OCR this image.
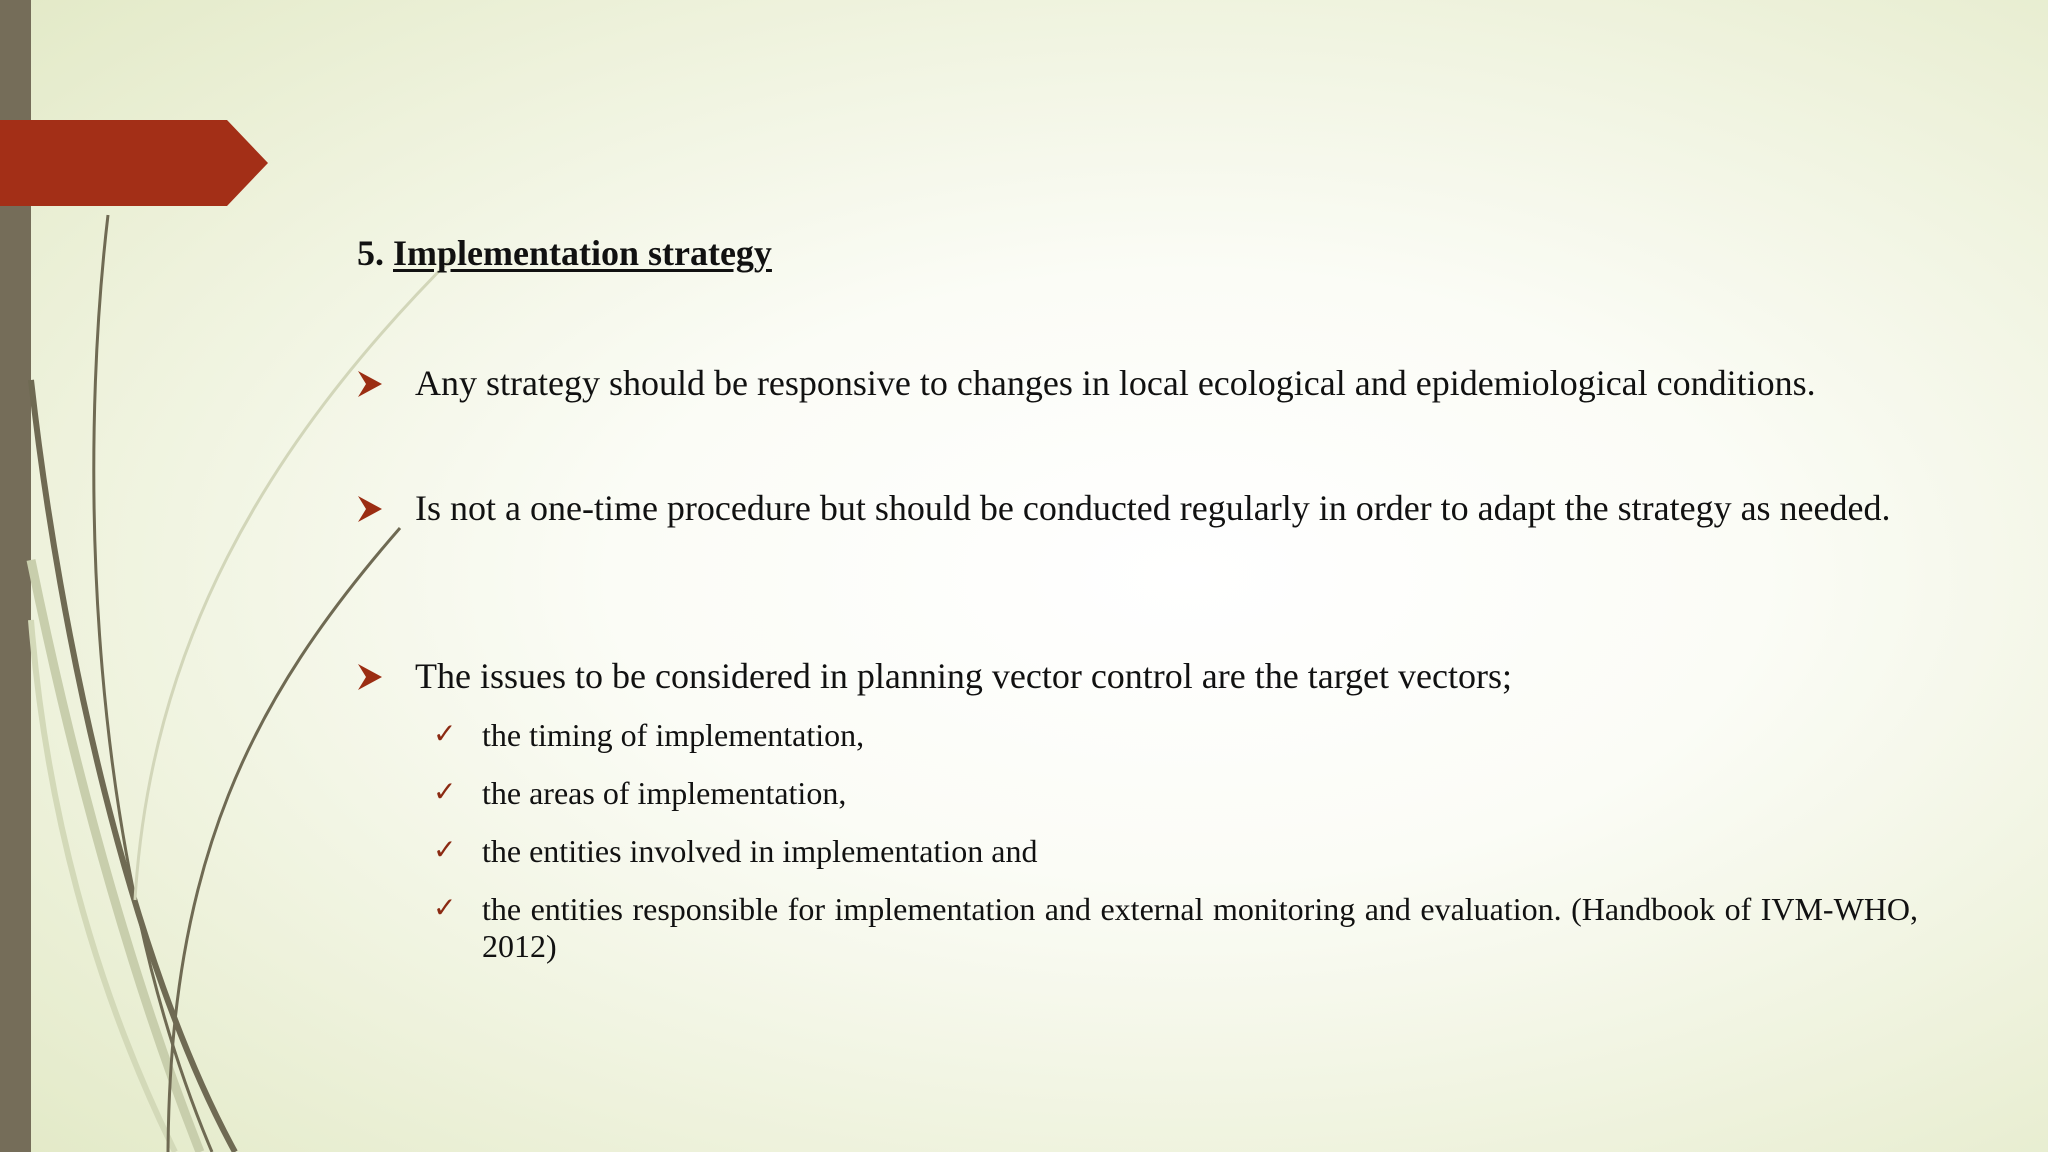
5. Implementation strategy
Any strategy should be responsive to changes in local ecological and epidemiological conditions.
Is not a one-time procedure but should be conducted regularly in order to adapt the strategy as needed.
The issues to be considered in planning vector control are the target vectors;
✓ the timing of implementation,
✓ the areas of implementation,
✓ the entities involved in implementation and
✓ the entities responsible for implementation and external monitoring and evaluation. (Handbook of IVM-WHO, 2012)
